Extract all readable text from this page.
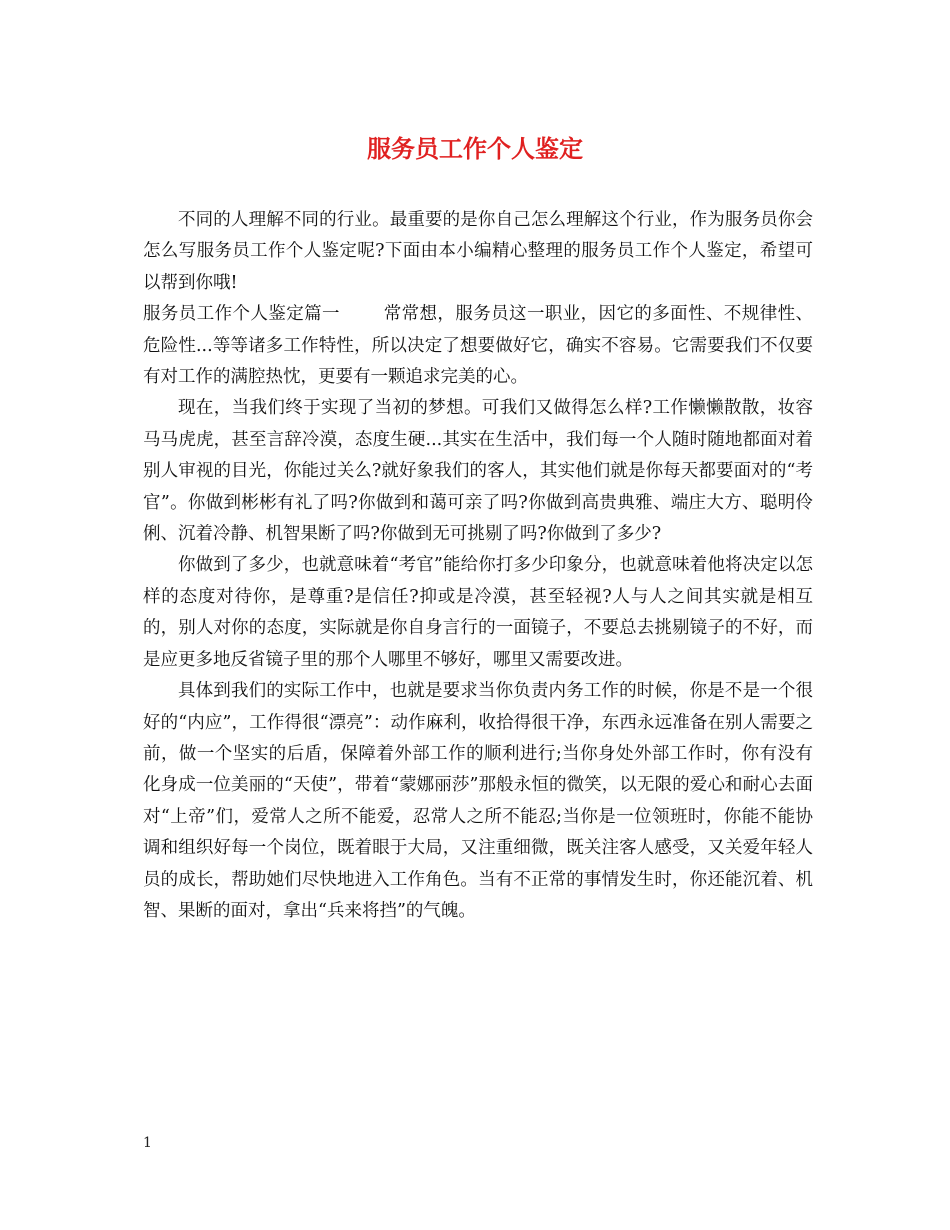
服务员工作个人鉴定

不同的人理解不同的行业。最重要的是你自己怎么理解这个行业，作为服务员你会怎么写服务员工作个人鉴定呢?下面由本小编精心整理的服务员工作个人鉴定，希望可以帮到你哦!

服务员工作个人鉴定篇一	常常想，服务员这一职业，因它的多面性、不规律性、危险性...等等诸多工作特性，所以决定了想要做好它，确实不容易。它需要我们不仅要有对工作的满腔热忱，更要有一颗追求完美的心。

现在，当我们终于实现了当初的梦想。可我们又做得怎么样?工作懒懒散散，妆容马马虎虎，甚至言辞冷漠，态度生硬...其实在生活中，我们每一个人随时随地都面对着别人审视的目光，你能过关么?就好象我们的客人，其实他们就是你每天都要面对的“考官”。你做到彬彬有礼了吗?你做到和蔼可亲了吗?你做到高贵典雅、端庄大方、聪明伶俐、沉着冷静、机智果断了吗?你做到无可挑剔了吗?你做到了多少?

你做到了多少，也就意味着“考官”能给你打多少印象分，也就意味着他将决定以怎样的态度对待你，是尊重?是信任?抑或是冷漠，甚至轻视?人与人之间其实就是相互的，别人对你的态度，实际就是你自身言行的一面镜子，不要总去挑剔镜子的不好，而是应更多地反省镜子里的那个人哪里不够好，哪里又需要改进。

具体到我们的实际工作中，也就是要求当你负责内务工作的时候，你是不是一个很好的“内应”，工作得很“漂亮”：动作麻利，收拾得很干净，东西永远准备在别人需要之前，做一个坚实的后盾，保障着外部工作的顺利进行;当你身处外部工作时，你有没有化身成一位美丽的“天使”，带着“蒙娜丽莎”那般永恒的微笑，以无限的爱心和耐心去面对“上帝”们，爱常人之所不能爱，忍常人之所不能忍;当你是一位领班时，你能不能协调和组织好每一个岗位，既着眼于大局，又注重细微，既关注客人感受，又关爱年轻人员的成长，帮助她们尽快地进入工作角色。当有不正常的事情发生时，你还能沉着、机智、果断的面对，拿出“兵来将挡”的气魄。

1
